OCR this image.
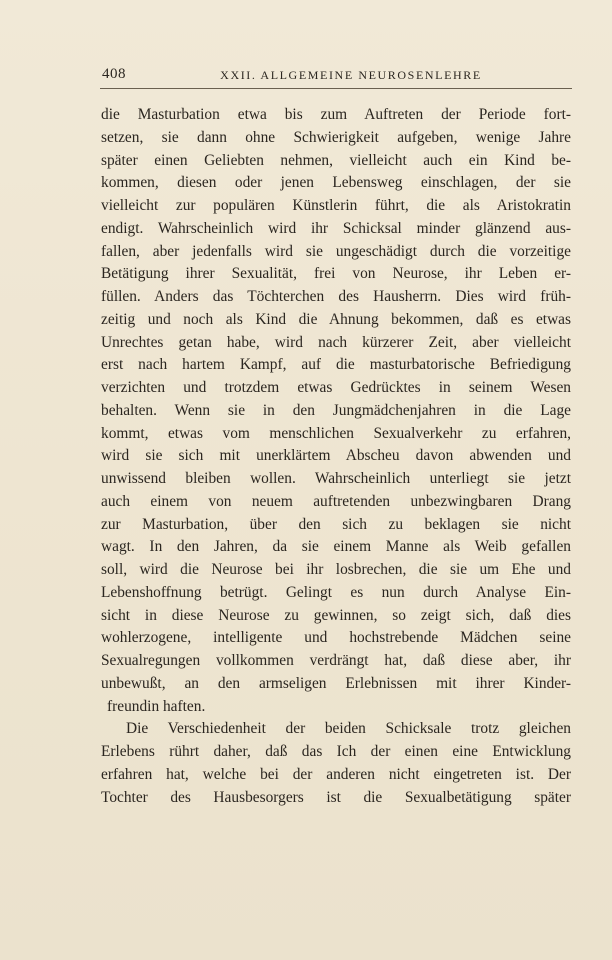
408	XXII. ALLGEMEINE NEUROSENLEHRE
die Masturbation etwa bis zum Auftreten der Periode fort-
setzen, sie dann ohne Schwierigkeit aufgeben, wenige Jahre
später einen Geliebten nehmen, vielleicht auch ein Kind be-
kommen, diesen oder jenen Lebensweg einschlagen, der sie
vielleicht zur populären Künstlerin führt, die als Aristokratin
endigt. Wahrscheinlich wird ihr Schicksal minder glänzend aus-
fallen, aber jedenfalls wird sie ungeschädigt durch die vorzeitige
Betätigung ihrer Sexualität, frei von Neurose, ihr Leben er-
füllen. Anders das Töchterchen des Hausherrn. Dies wird früh-
zeitig und noch als Kind die Ahnung bekommen, daß es etwas
Unrechtes getan habe, wird nach kürzerer Zeit, aber vielleicht
erst nach hartem Kampf, auf die masturbatorische Befriedigung
verzichten und trotzdem etwas Gedrücktes in seinem Wesen
behalten. Wenn sie in den Jungmädchenjahren in die Lage
kommt, etwas vom menschlichen Sexualverkehr zu erfahren,
wird sie sich mit unerklärtem Abscheu davon abwenden und
unwissend bleiben wollen. Wahrscheinlich unterliegt sie jetzt
auch einem von neuem auftretenden unbezwingbaren Drang
zur Masturbation, über den sich zu beklagen sie nicht
wagt. In den Jahren, da sie einem Manne als Weib gefallen
soll, wird die Neurose bei ihr losbrechen, die sie um Ehe und
Lebenshoffnung betrügt. Gelingt es nun durch Analyse Ein-
sicht in diese Neurose zu gewinnen, so zeigt sich, daß dies
wohlerzogene, intelligente und hochstrebende Mädchen seine
Sexualregungen vollkommen verdrängt hat, daß diese aber, ihr
unbewußt, an den armseligen Erlebnissen mit ihrer Kinder-
freundin haften.
Die Verschiedenheit der beiden Schicksale trotz gleichen
Erlebens rührt daher, daß das Ich der einen eine Entwicklung
erfahren hat, welche bei der anderen nicht eingetreten ist. Der
Tochter des Hausbesorgers ist die Sexualbetätigung später
